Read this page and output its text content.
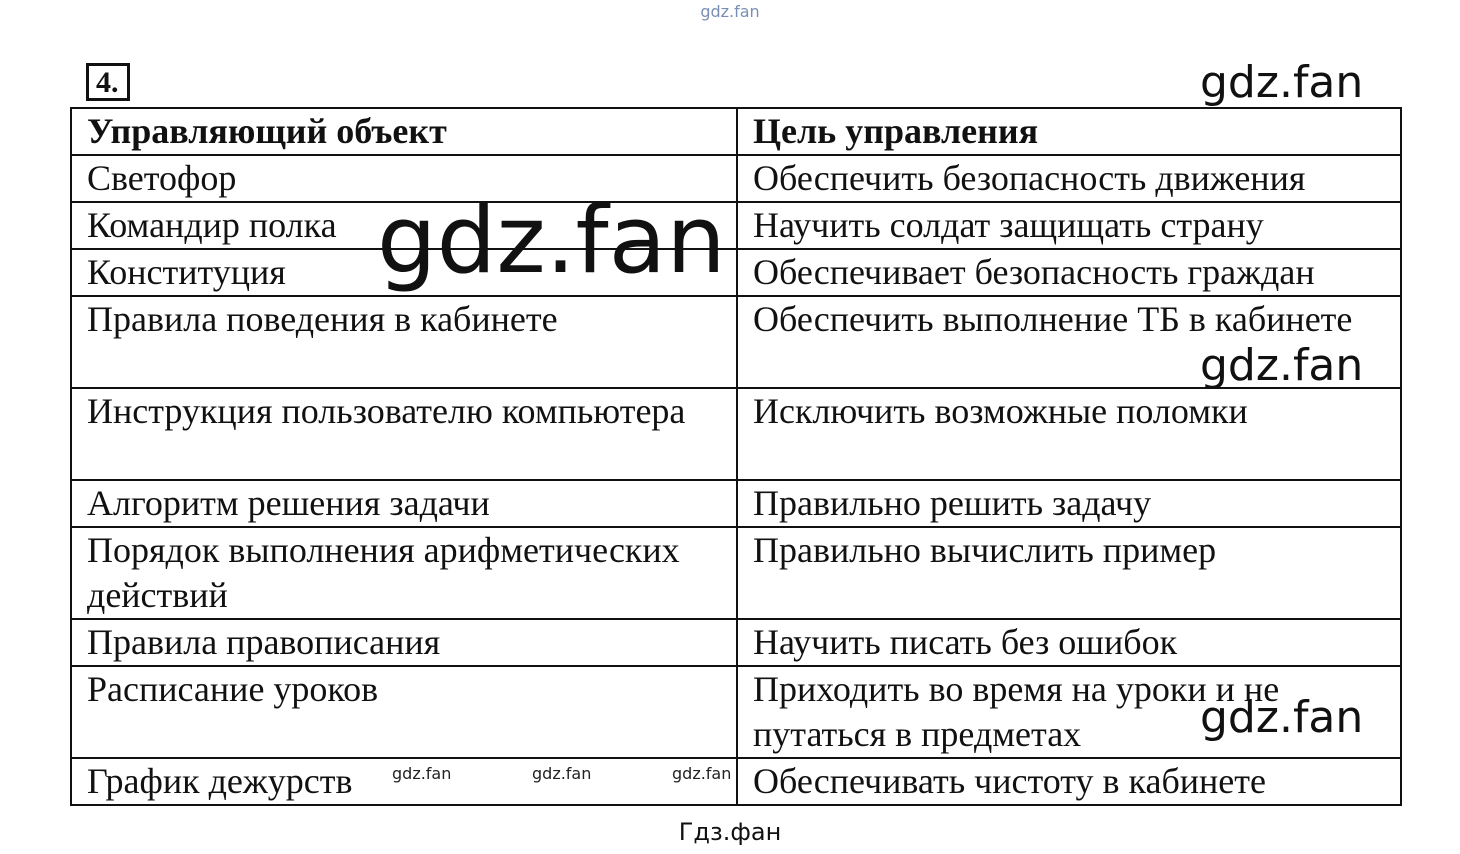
gdz.fan
4.
Управляющий объект	Цель управления
Светофор	Обеспечить безопасность движения
Командир полка	Научить солдат защищать страну
Конституция	Обеспечивает безопасность граждан
Правила поведения в кабинете	Обеспечить выполнение ТБ в кабинете
Инструкция пользователю компьютера	Исключить возможные поломки
Алгоритм решения задачи	Правильно решить задачу
Порядок выполнения арифметических действий	Правильно вычислить пример
Правила правописания	Научить писать без ошибок
Расписание уроков	Приходить во время на уроки и не путаться в предметах
График дежурств	Обеспечивать чистоту в кабинете
gdz.fan
gdz.fan
gdz.fan
gdz.fan
gdz.fan	gdz.fan	gdz.fan
Гдз.фан
